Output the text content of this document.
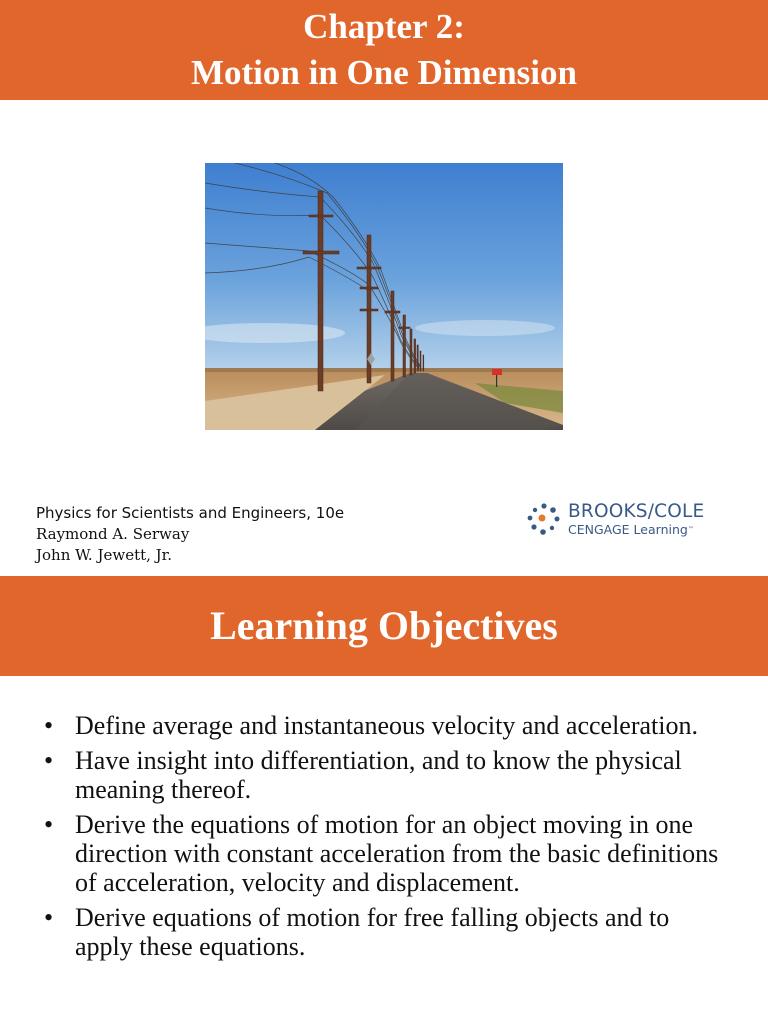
Chapter 2:
Motion in One Dimension
Physics for Scientists and Engineers, 10e
Raymond A. Serway
John W. Jewett, Jr.
BROOKS/COLE
CENGAGE Learning™
Learning Objectives
• Define average and instantaneous velocity and acceleration.
• Have insight into differentiation, and to know the physical meaning thereof.
• Derive the equations of motion for an object moving in one direction with constant acceleration from the basic definitions of acceleration, velocity and displacement.
• Derive equations of motion for free falling objects and to apply these equations.
